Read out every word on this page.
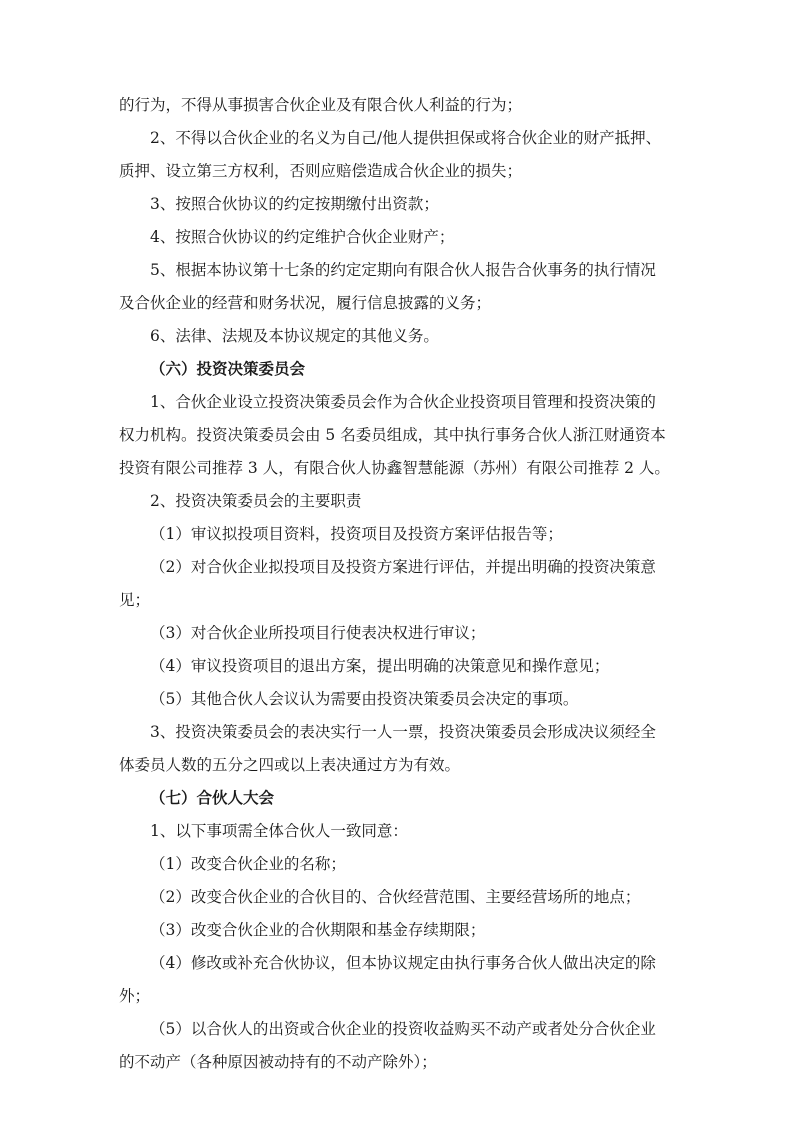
的行为，不得从事损害合伙企业及有限合伙人利益的行为；
2、不得以合伙企业的名义为自己/他人提供担保或将合伙企业的财产抵押、
质押、设立第三方权利，否则应赔偿造成合伙企业的损失；
3、按照合伙协议的约定按期缴付出资款；
4、按照合伙协议的约定维护合伙企业财产；
5、根据本协议第十七条的约定定期向有限合伙人报告合伙事务的执行情况
及合伙企业的经营和财务状况，履行信息披露的义务；
6、法律、法规及本协议规定的其他义务。
（六）投资决策委员会
1、合伙企业设立投资决策委员会作为合伙企业投资项目管理和投资决策的
权力机构。投资决策委员会由 5 名委员组成，其中执行事务合伙人浙江财通资本
投资有限公司推荐 3 人，有限合伙人协鑫智慧能源（苏州）有限公司推荐 2 人。
2、投资决策委员会的主要职责
（1）审议拟投项目资料，投资项目及投资方案评估报告等；
（2）对合伙企业拟投项目及投资方案进行评估，并提出明确的投资决策意
见；
（3）对合伙企业所投项目行使表决权进行审议；
（4）审议投资项目的退出方案，提出明确的决策意见和操作意见；
（5）其他合伙人会议认为需要由投资决策委员会决定的事项。
3、投资决策委员会的表决实行一人一票，投资决策委员会形成决议须经全
体委员人数的五分之四或以上表决通过方为有效。
（七）合伙人大会
1、以下事项需全体合伙人一致同意：
（1）改变合伙企业的名称；
（2）改变合伙企业的合伙目的、合伙经营范围、主要经营场所的地点；
（3）改变合伙企业的合伙期限和基金存续期限；
（4）修改或补充合伙协议，但本协议规定由执行事务合伙人做出决定的除
外；
（5）以合伙人的出资或合伙企业的投资收益购买不动产或者处分合伙企业
的不动产（各种原因被动持有的不动产除外）；
